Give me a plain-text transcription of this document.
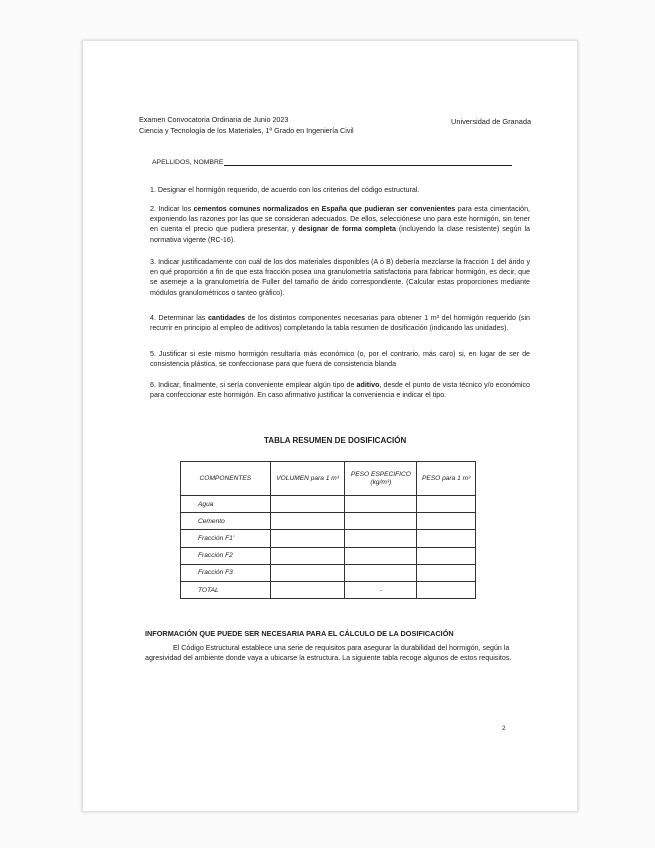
Examen Convocatoria Ordinaria de Junio 2023
Ciencia y Tecnología de los Materiales, 1º Grado en Ingeniería Civil
Universidad de Granada
APELLIDOS, NOMBRE
1. Designar el hormigón requerido, de acuerdo con los criterios del código estructural.
2. Indicar los cementos comunes normalizados en España que pudieran ser convenientes para esta cimentación, exponiendo las razones por las que se consideran adecuados. De ellos, selecciónese uno para este hormigón, sin tener en cuenta el precio que pudiera presentar, y designar de forma completa (incluyendo la clase resistente) según la normativa vigente (RC-16).
3. Indicar justificadamente con cuál de los dos materiales disponibles (A ó B) debería mezclarse la fracción 1 del árido y en qué proporción a fin de que esta fracción posea una granulometría satisfactoria para fabricar hormigón, es decir, que se asemeje a la granulometría de Fuller del tamaño de árido correspondiente. (Calcular estas proporciones mediante módulos granulométricos o tanteo gráfico).
4. Determinar las cantidades de los distintos componentes necesarias para obtener 1 m³ del hormigón requerido (sin recurrir en principio al empleo de aditivos) completando la tabla resumen de dosificación (indicando las unidades).
5. Justificar si este mismo hormigón resultaría más económico (o, por el contrario, más caro) si, en lugar de ser de consistencia plástica, se confeccionase para que fuera de consistencia blanda
6. Indicar, finalmente, si sería conveniente emplear algún tipo de aditivo, desde el punto de vista técnico y/o económico para confeccionar este hormigón. En caso afirmativo justificar la conveniencia e indicar el tipo.
TABLA RESUMEN DE DOSIFICACIÓN
COMPONENTES	VOLUMEN para 1 m³	PESO ESPECIFICO (kg/m³)	PESO para 1 m³
Agua			
Cemento			
Fracción F1’			
Fracción F2			
Fracción F3			
TOTAL		-	
INFORMACIÓN QUE PUEDE SER NECESARIA PARA EL CÁLCULO DE LA DOSIFICACIÓN
El Código Estructural establece una serie de requisitos para asegurar la durabilidad del hormigón, según la agresividad del ambiente donde vaya a ubicarse la estructura. La siguiente tabla recoge algunos de estos requisitos.
2
